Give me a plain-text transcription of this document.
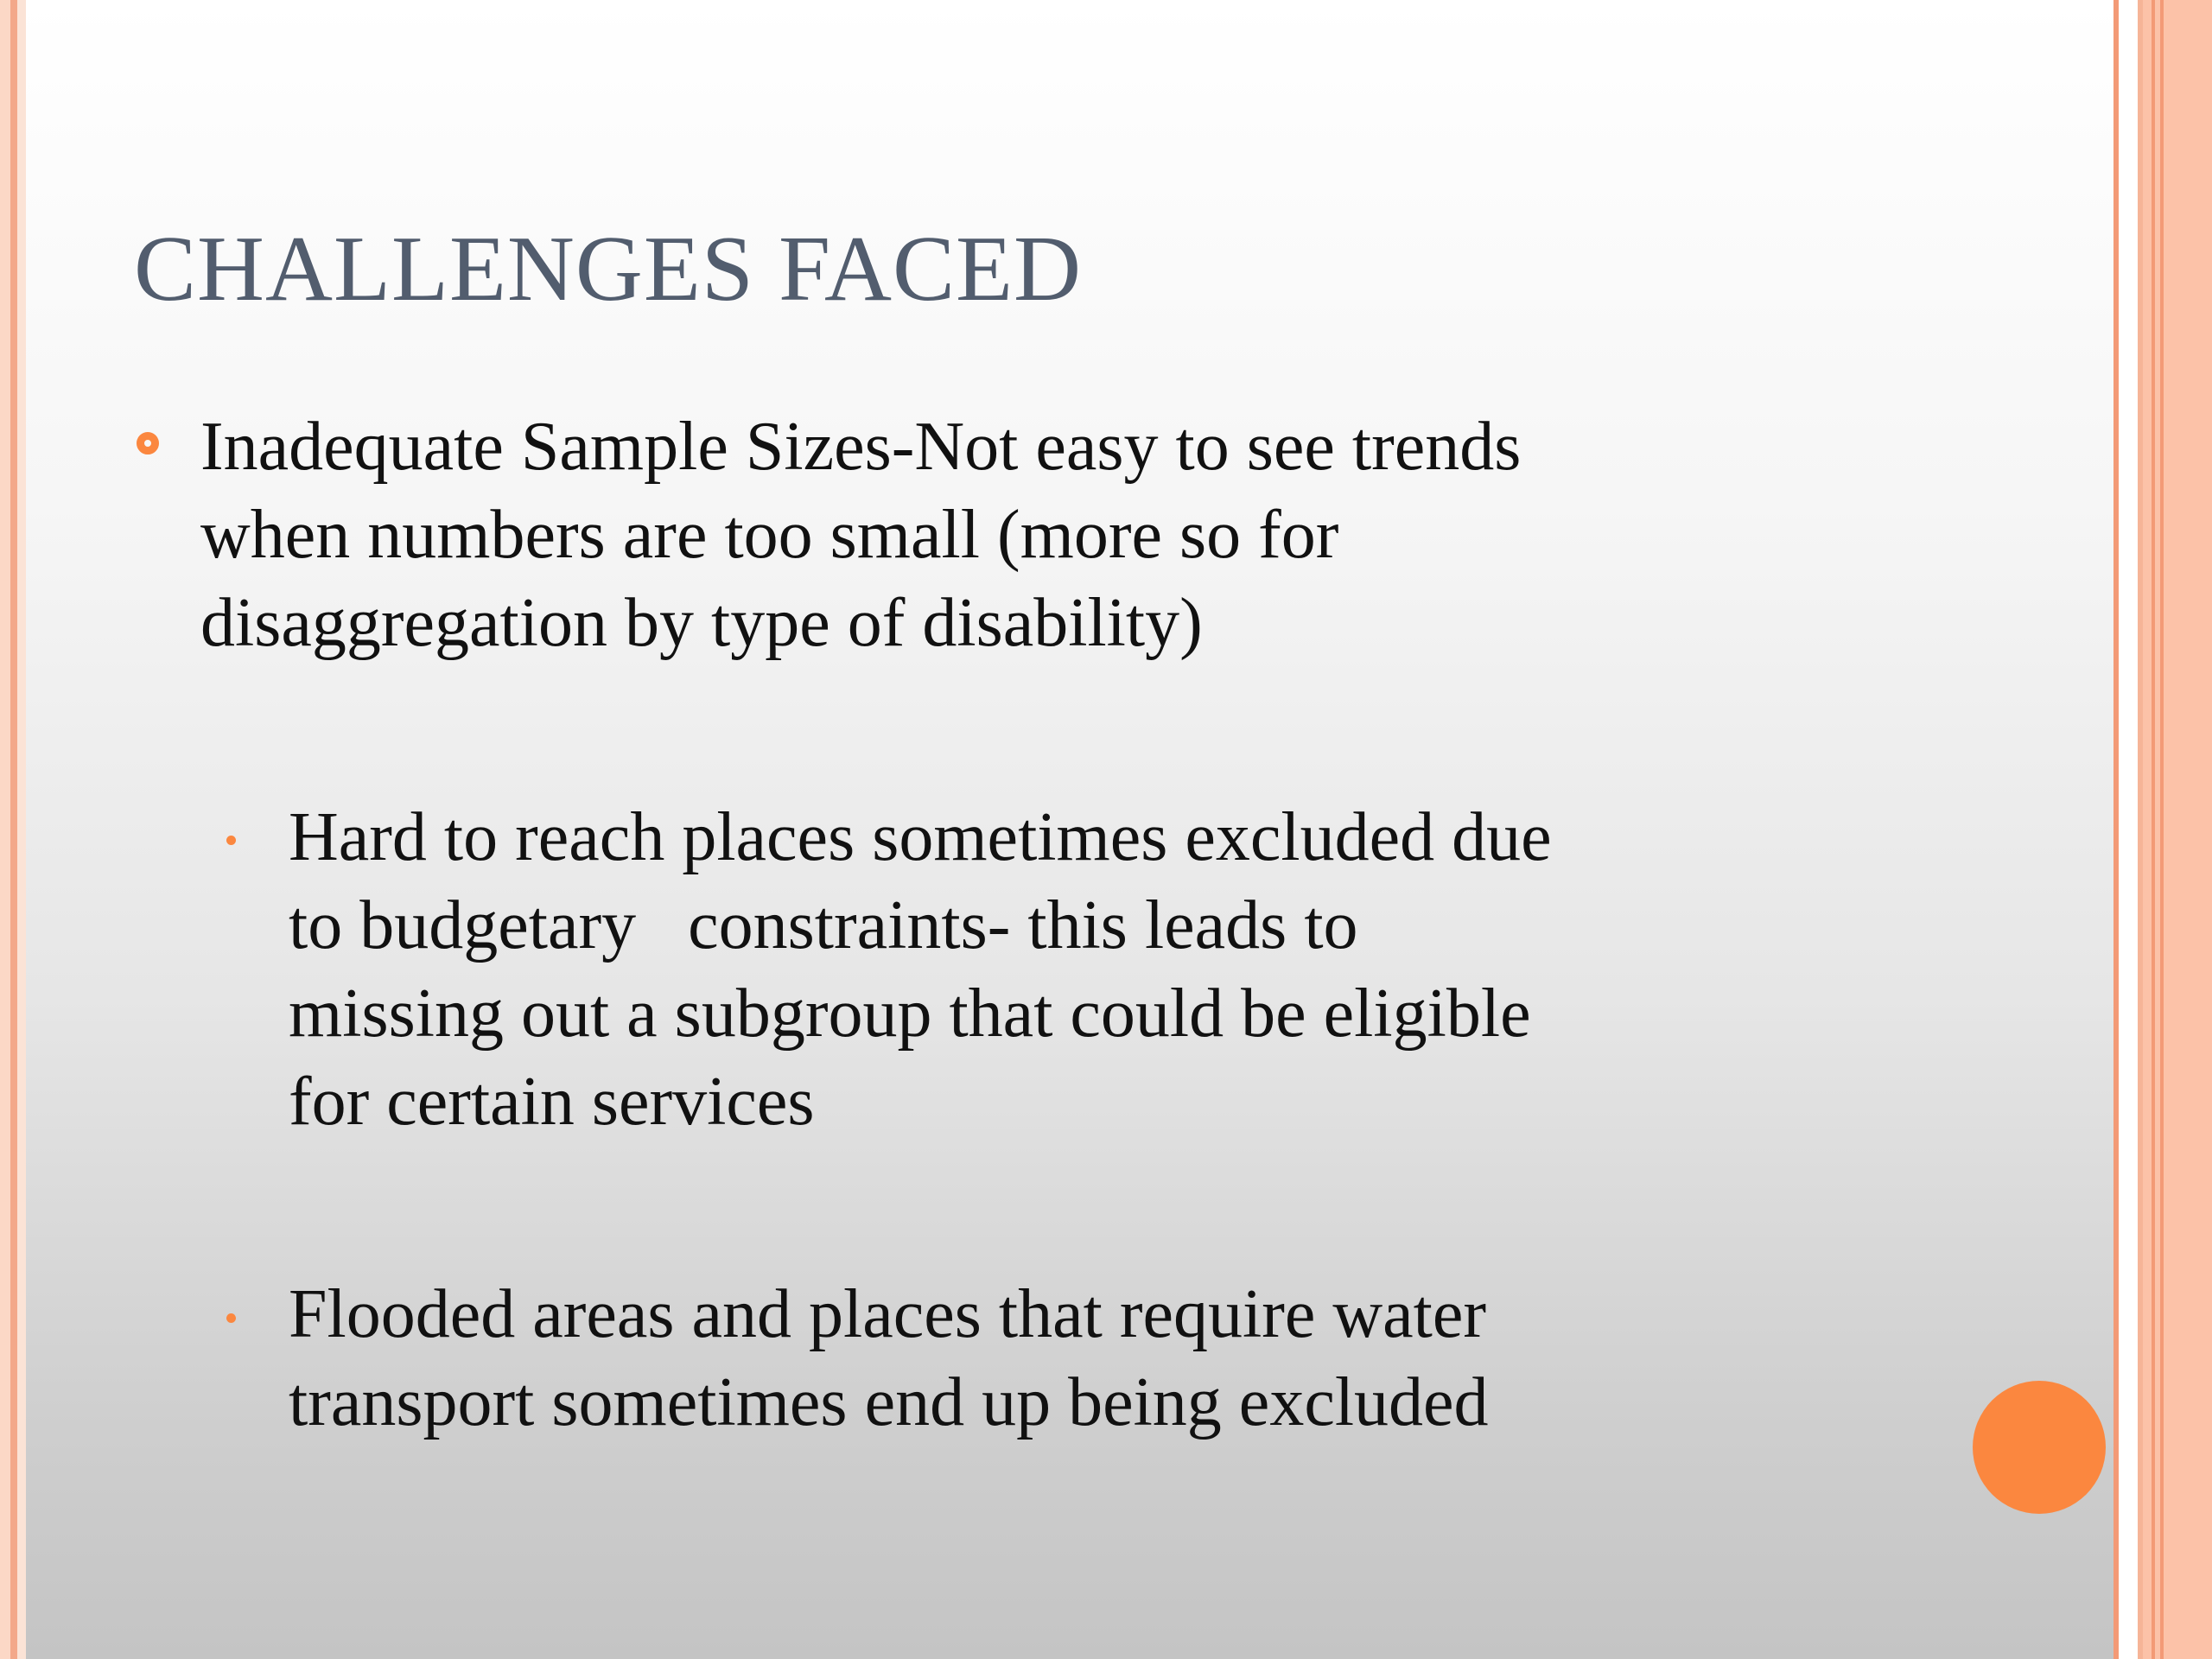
CHALLENGES FACED
Inadequate Sample Sizes-Not easy to see trends
when numbers are too small (more so for
disaggregation by type of disability)
Hard to reach places sometimes excluded due
to budgetary   constraints- this leads to
missing out a subgroup that could be eligible
for certain services
Flooded areas and places that require water
transport sometimes end up being excluded
